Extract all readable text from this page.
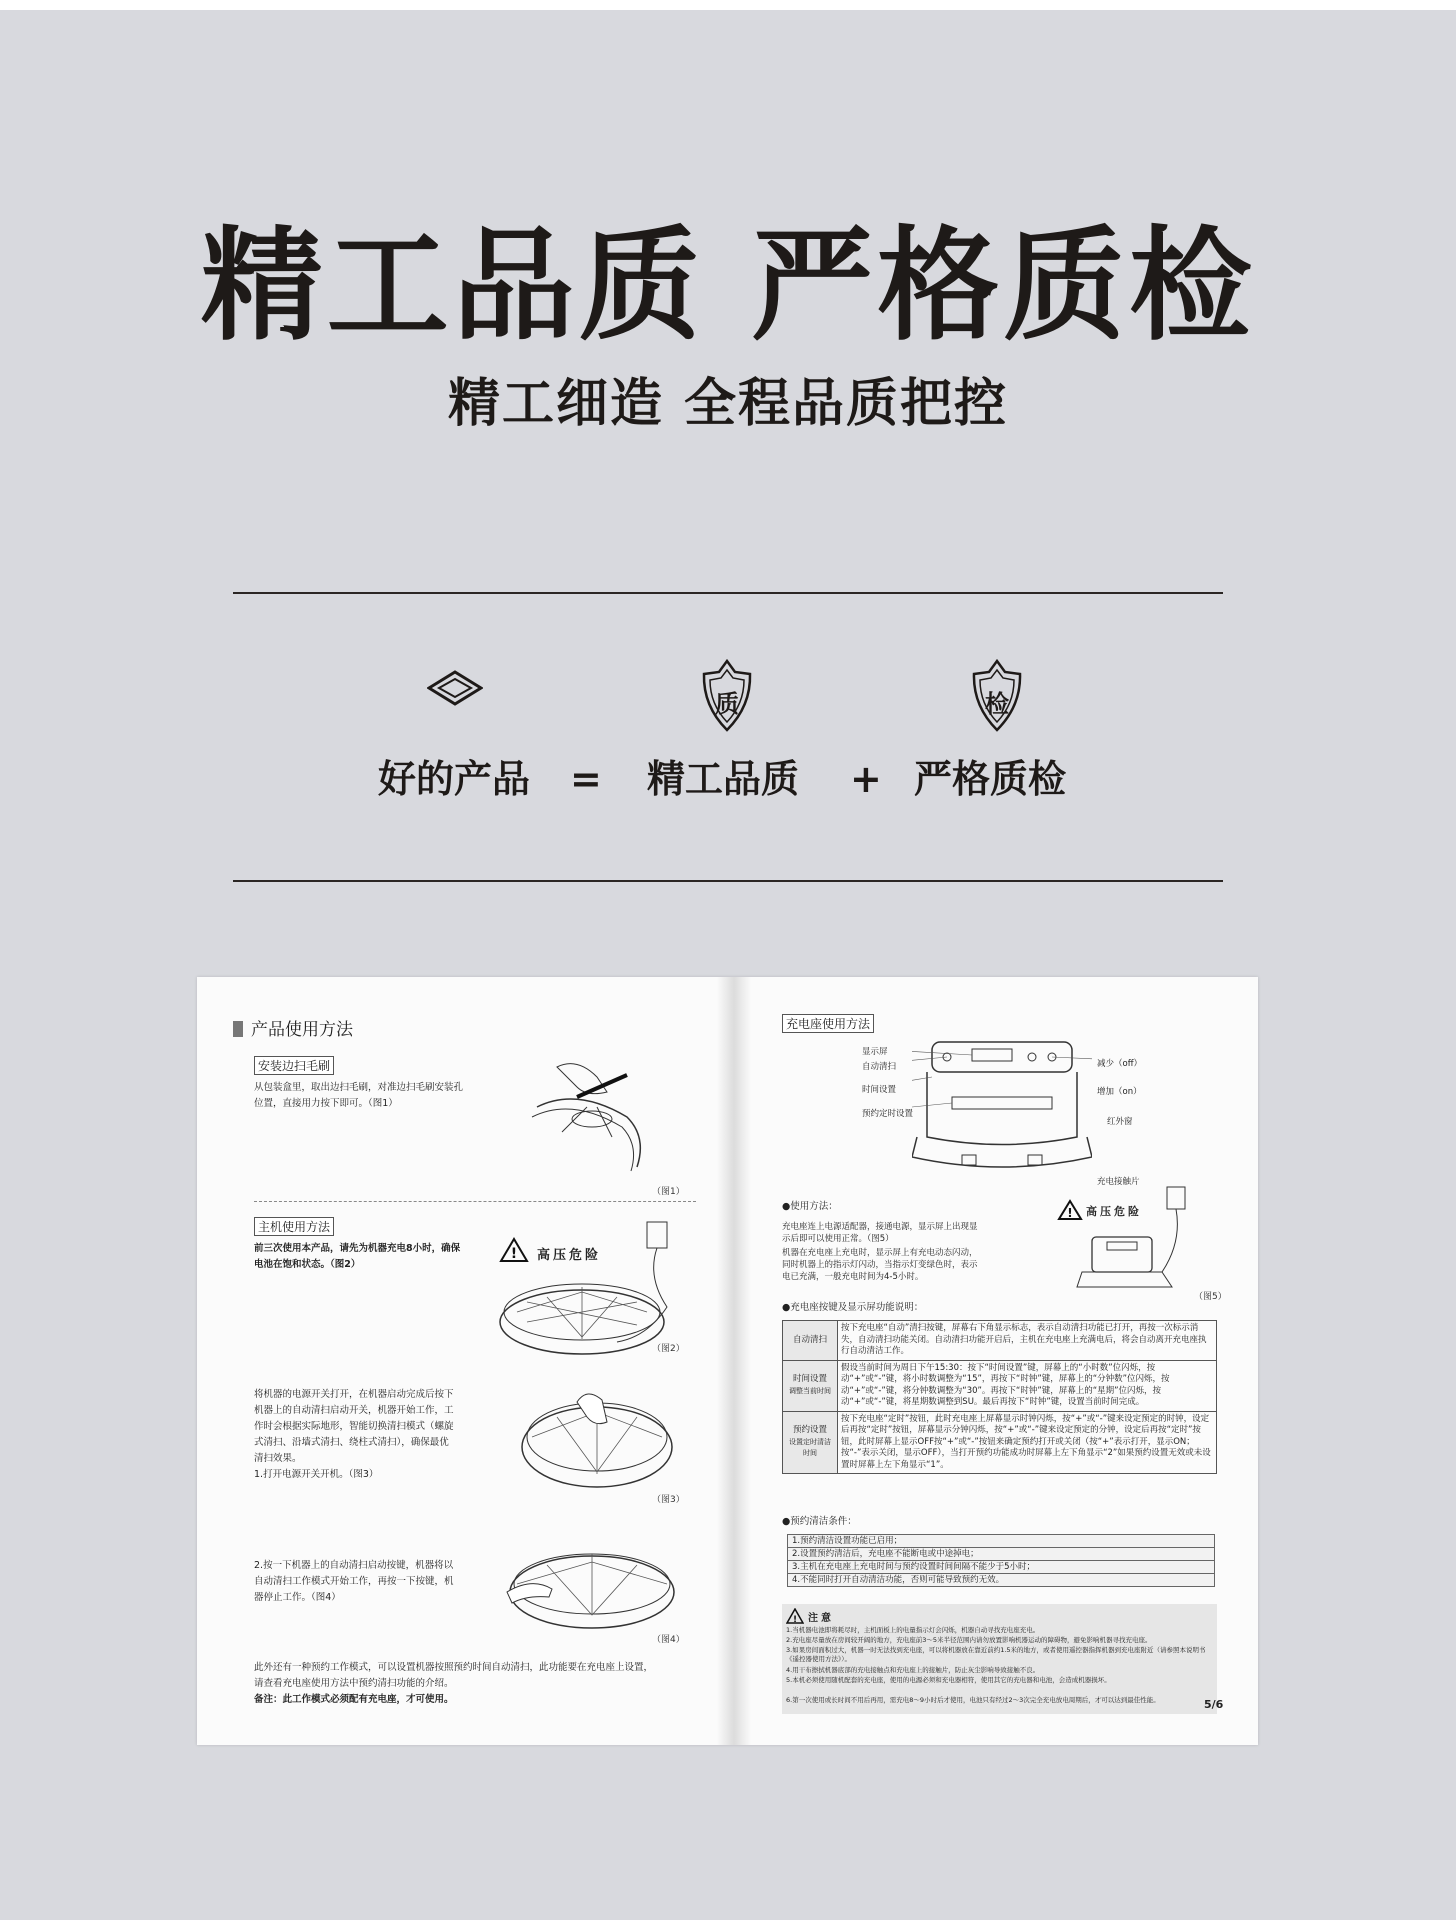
精工品质 严格质检
精工细造 全程品质把控
质	检
好的产品 = 精工品质 + 严格质检
产品使用方法
安装边扫毛刷
从包装盒里，取出边扫毛刷，对准边扫毛刷安装孔
位置，直接用力按下即可。（图1）
（图1）
主机使用方法
前三次使用本产品，请先为机器充电8小时，确保
电池在饱和状态。（图2）
! 高压危险
（图2）
将机器的电源开关打开，在机器启动完成后按下
机器上的自动清扫启动开关，机器开始工作，工
作时会根据实际地形，智能切换清扫模式（螺旋
式清扫、沿墙式清扫、绕柱式清扫），确保最优
清扫效果。
1.打开电源开关开机。（图3）
（图3）
2.按一下机器上的自动清扫启动按键，机器将以
自动清扫工作模式开始工作，再按一下按键，机
器停止工作。（图4）
（图4）
此外还有一种预约工作模式，可以设置机器按照预约时间自动清扫，此功能要在充电座上设置，
请查看充电座使用方法中预约清扫功能的介绍。
备注：此工作模式必须配有充电座，才可使用。
充电座使用方法
显示屏
自动清扫
时间设置
预约定时设置
减少（off）
增加（on）
红外窗
充电接触片
●使用方法：
充电座连上电源适配器，接通电源，显示屏上出现显
示后即可以使用正常。（图5）
机器在充电座上充电时，显示屏上有充电动态闪动，
同时机器上的指示灯闪动，当指示灯变绿色时，表示
电已充满，一般充电时间为4-5小时。
! 高压危险
（图5）
●充电座按键及显示屏功能说明：
自动清扫	按下充电座“自动”清扫按键，屏幕右下角显示标志，表示自动清扫功能已打开，再按一次标示消失，自动清扫功能关闭。自动清扫功能开启后，主机在充电座上充满电后，将会自动离开充电座执行自动清洁工作。
时间设置
调整当前时间	假设当前时间为周日下午15:30：按下“时间设置”键，屏幕上的“小时数”位闪烁，按动“+”或“-”键，将小时数调整为“15”，再按下“时钟”键，屏幕上的“分钟数”位闪烁，按动“+”或“-”键，将分钟数调整为“30”。再按下“时钟”键，屏幕上的“星期”位闪烁，按动“+”或“-”键，将星期数调整到SU。最后再按下“时钟”键，设置当前时间完成。
预约设置
设置定时清洁时间	按下充电座“定时”按钮，此时充电座上屏幕显示时钟闪烁，按“+”或“-”键来设定预定的时钟，设定后再按“定时”按钮，屏幕显示分钟闪烁，按“+”或“-”键来设定预定的分钟，设定后再按“定时”按钮，此时屏幕上显示OFF按“+”或“-”按钮来确定预约打开或关闭（按“+”表示打开，显示ON；按“-”表示关闭，显示OFF），当打开预约功能成功时屏幕上左下角显示“2”如果预约设置无效或未设置时屏幕上左下角显示“1”。
●预约清洁条件：
1.预约清洁设置功能已启用；
2.设置预约清洁后，充电座不能断电或中途掉电；
3.主机在充电座上充电时间与预约设置时间间隔不能少于5小时；
4.不能同时打开自动清洁功能，否则可能导致预约无效。
! 注意
1.当机器电池即将耗尽时，主机面板上的电量指示灯会闪烁，机器自动寻找充电座充电。
2.充电座尽量放在房间较开阔的地方，充电座前3～5米半径范围内请勿放置影响机器运动的障碍物，避免影响机器寻找充电座。
3.如果房间面积过大，机器一时无法找到充电座，可以将机器放在靠近前约1.5米的地方，或者使用遥控器指挥机器到充电座附近（请参照本说明书《遥控器使用方法》）。
4.用干布擦拭机器底部的充电接触点和充电座上的接触片，防止灰尘影响导致接触不良。
5.本机必须使用随机配套的充电座，使用的电源必须和充电器相符，使用其它的充电器和电池，会造成机器损坏。
6.第一次使用或长时间不用后再用，需充电8～9小时后才使用，电池只有经过2～3次完全充电放电周期后，才可以达到最佳性能。	5/6
